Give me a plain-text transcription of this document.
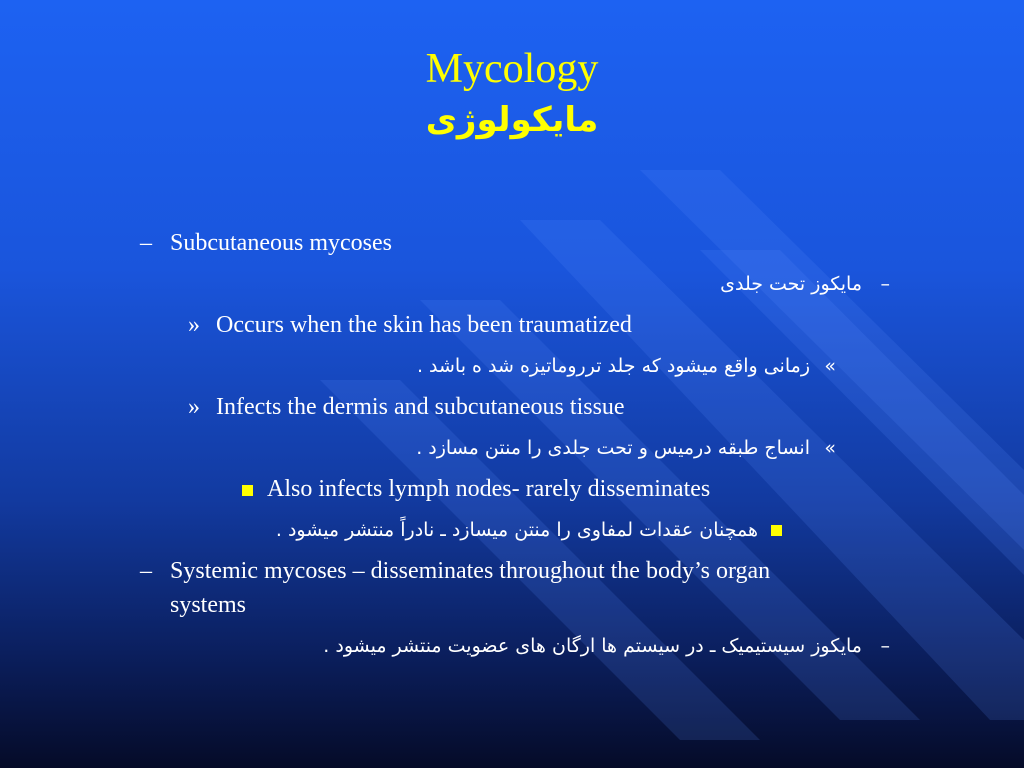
Mycology
مایکولوژی
– Subcutaneous mycoses
–مایکوز تحت جلدی
» Occurs when the skin has been traumatized
»زمانی واقع میشود که جلد ترروماتیزه شد ه باشد .
» Infects the dermis and subcutaneous tissue
»انساج طبقه درمیس و تحت جلدی را منتن مسازد .
Also infects lymph nodes- rarely disseminates
همچنان عقدات لمفاوی را منتن میسازد ـ نادراً منتشر میشود .
– Systemic mycoses – disseminates throughout the body’s organ
systems
–مایکوز سیستیمیک ـ در سیستم ها ارگان های عضویت منتشر میشود .
